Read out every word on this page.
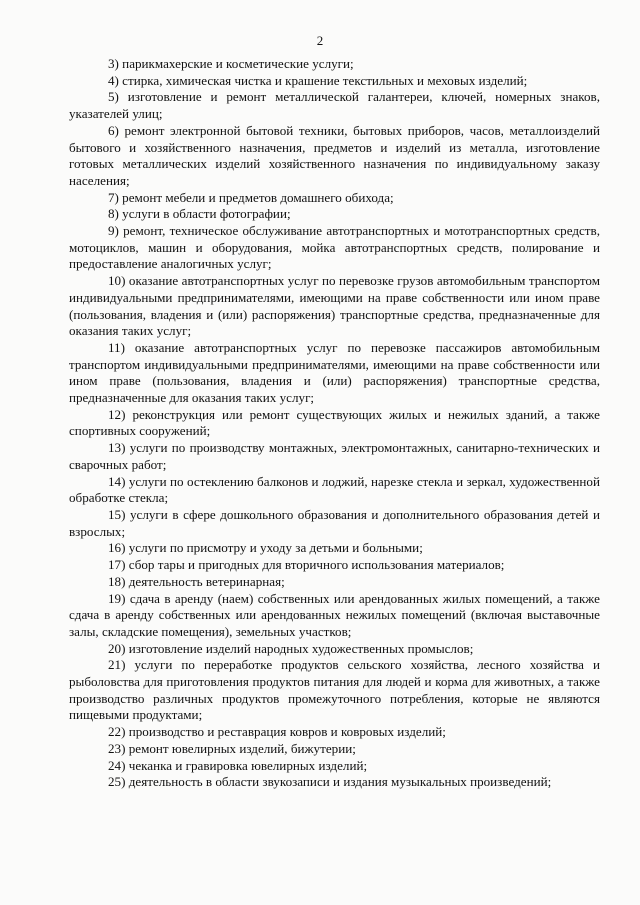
2

3) парикмахерские и косметические услуги;

4) стирка, химическая чистка и крашение текстильных и меховых изделий;

5) изготовление и ремонт металлической галантереи, ключей, номерных знаков, указателей улиц;

6) ремонт электронной бытовой техники, бытовых приборов, часов, металлоизделий бытового и хозяйственного назначения, предметов и изделий из металла, изготовление готовых металлических изделий хозяйственного назначения по индивидуальному заказу населения;

7) ремонт мебели и предметов домашнего обихода;

8) услуги в области фотографии;

9) ремонт, техническое обслуживание автотранспортных и мототранспортных средств, мотоциклов, машин и оборудования, мойка автотранспортных средств, полирование и предоставление аналогичных услуг;

10) оказание автотранспортных услуг по перевозке грузов автомобильным транспортом индивидуальными предпринимателями, имеющими на праве собственности или ином праве (пользования, владения и (или) распоряжения) транспортные средства, предназначенные для оказания таких услуг;

11) оказание автотранспортных услуг по перевозке пассажиров автомобильным транспортом индивидуальными предпринимателями, имеющими на праве собственности или ином праве (пользования, владения и (или) распоряжения) транспортные средства, предназначенные для оказания таких услуг;

12) реконструкция или ремонт существующих жилых и нежилых зданий, а также спортивных сооружений;

13) услуги по производству монтажных, электромонтажных, санитарно-технических и сварочных работ;

14) услуги по остеклению балконов и лоджий, нарезке стекла и зеркал, художественной обработке стекла;

15) услуги в сфере дошкольного образования и дополнительного образования детей и взрослых;

16) услуги по присмотру и уходу за детьми и больными;

17) сбор тары и пригодных для вторичного использования материалов;

18) деятельность ветеринарная;

19) сдача в аренду (наем) собственных или арендованных жилых помещений, а также сдача в аренду собственных или арендованных нежилых помещений (включая выставочные залы, складские помещения), земельных участков;

20) изготовление изделий народных художественных промыслов;

21) услуги по переработке продуктов сельского хозяйства, лесного хозяйства и рыболовства для приготовления продуктов питания для людей и корма для животных, а также производство различных продуктов промежуточного потребления, которые не являются пищевыми продуктами;

22) производство и реставрация ковров и ковровых изделий;

23) ремонт ювелирных изделий, бижутерии;

24) чеканка и гравировка ювелирных изделий;

25) деятельность в области звукозаписи и издания музыкальных произведений;
